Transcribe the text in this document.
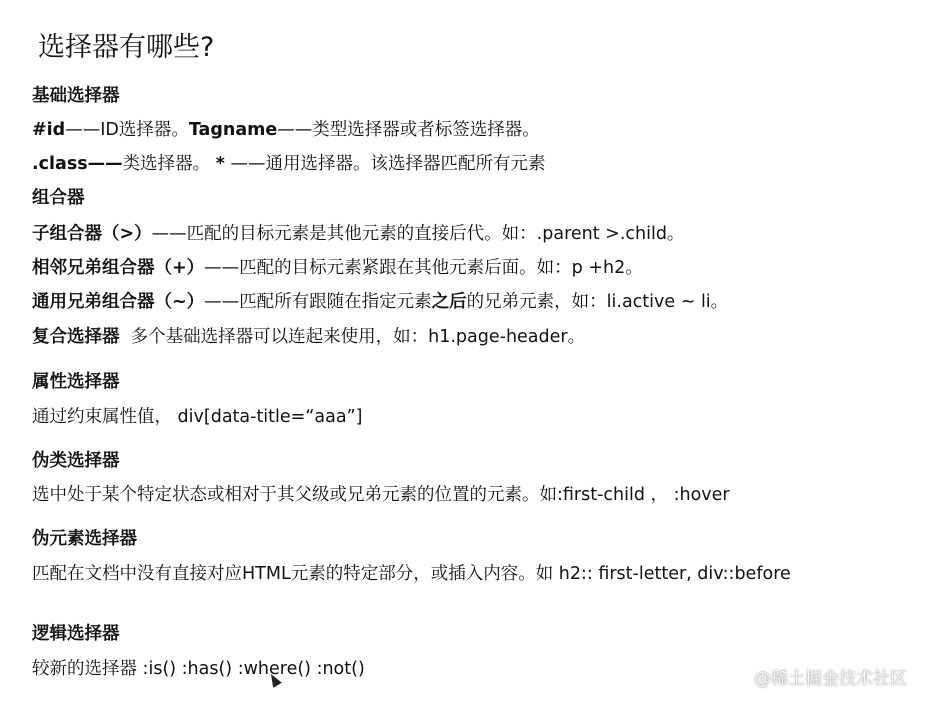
选择器有哪些?

基础选择器

#id——ID选择器。Tagname——类型选择器或者标签选择器。

.class——类选择器。 * ——通用选择器。该选择器匹配所有元素

组合器

子组合器（>）——匹配的目标元素是其他元素的直接后代。如：.parent >.child。

相邻兄弟组合器（+）——匹配的目标元素紧跟在其他元素后面。如：p +h2。

通用兄弟组合器（~）——匹配所有跟随在指定元素之后的兄弟元素，如：li.active ~ li。

复合选择器 多个基础选择器可以连起来使用，如：h1.page-header。

属性选择器

通过约束属性值， div[data-title=“aaa”]

伪类选择器

选中处于某个特定状态或相对于其父级或兄弟元素的位置的元素。如:first-child ， :hover

伪元素选择器

匹配在文档中没有直接对应HTML元素的特定部分，或插入内容。如 h2:: first-letter, div::before

逻辑选择器

较新的选择器 :is() :has() :where() :not()	@稀土掘金技术社区
